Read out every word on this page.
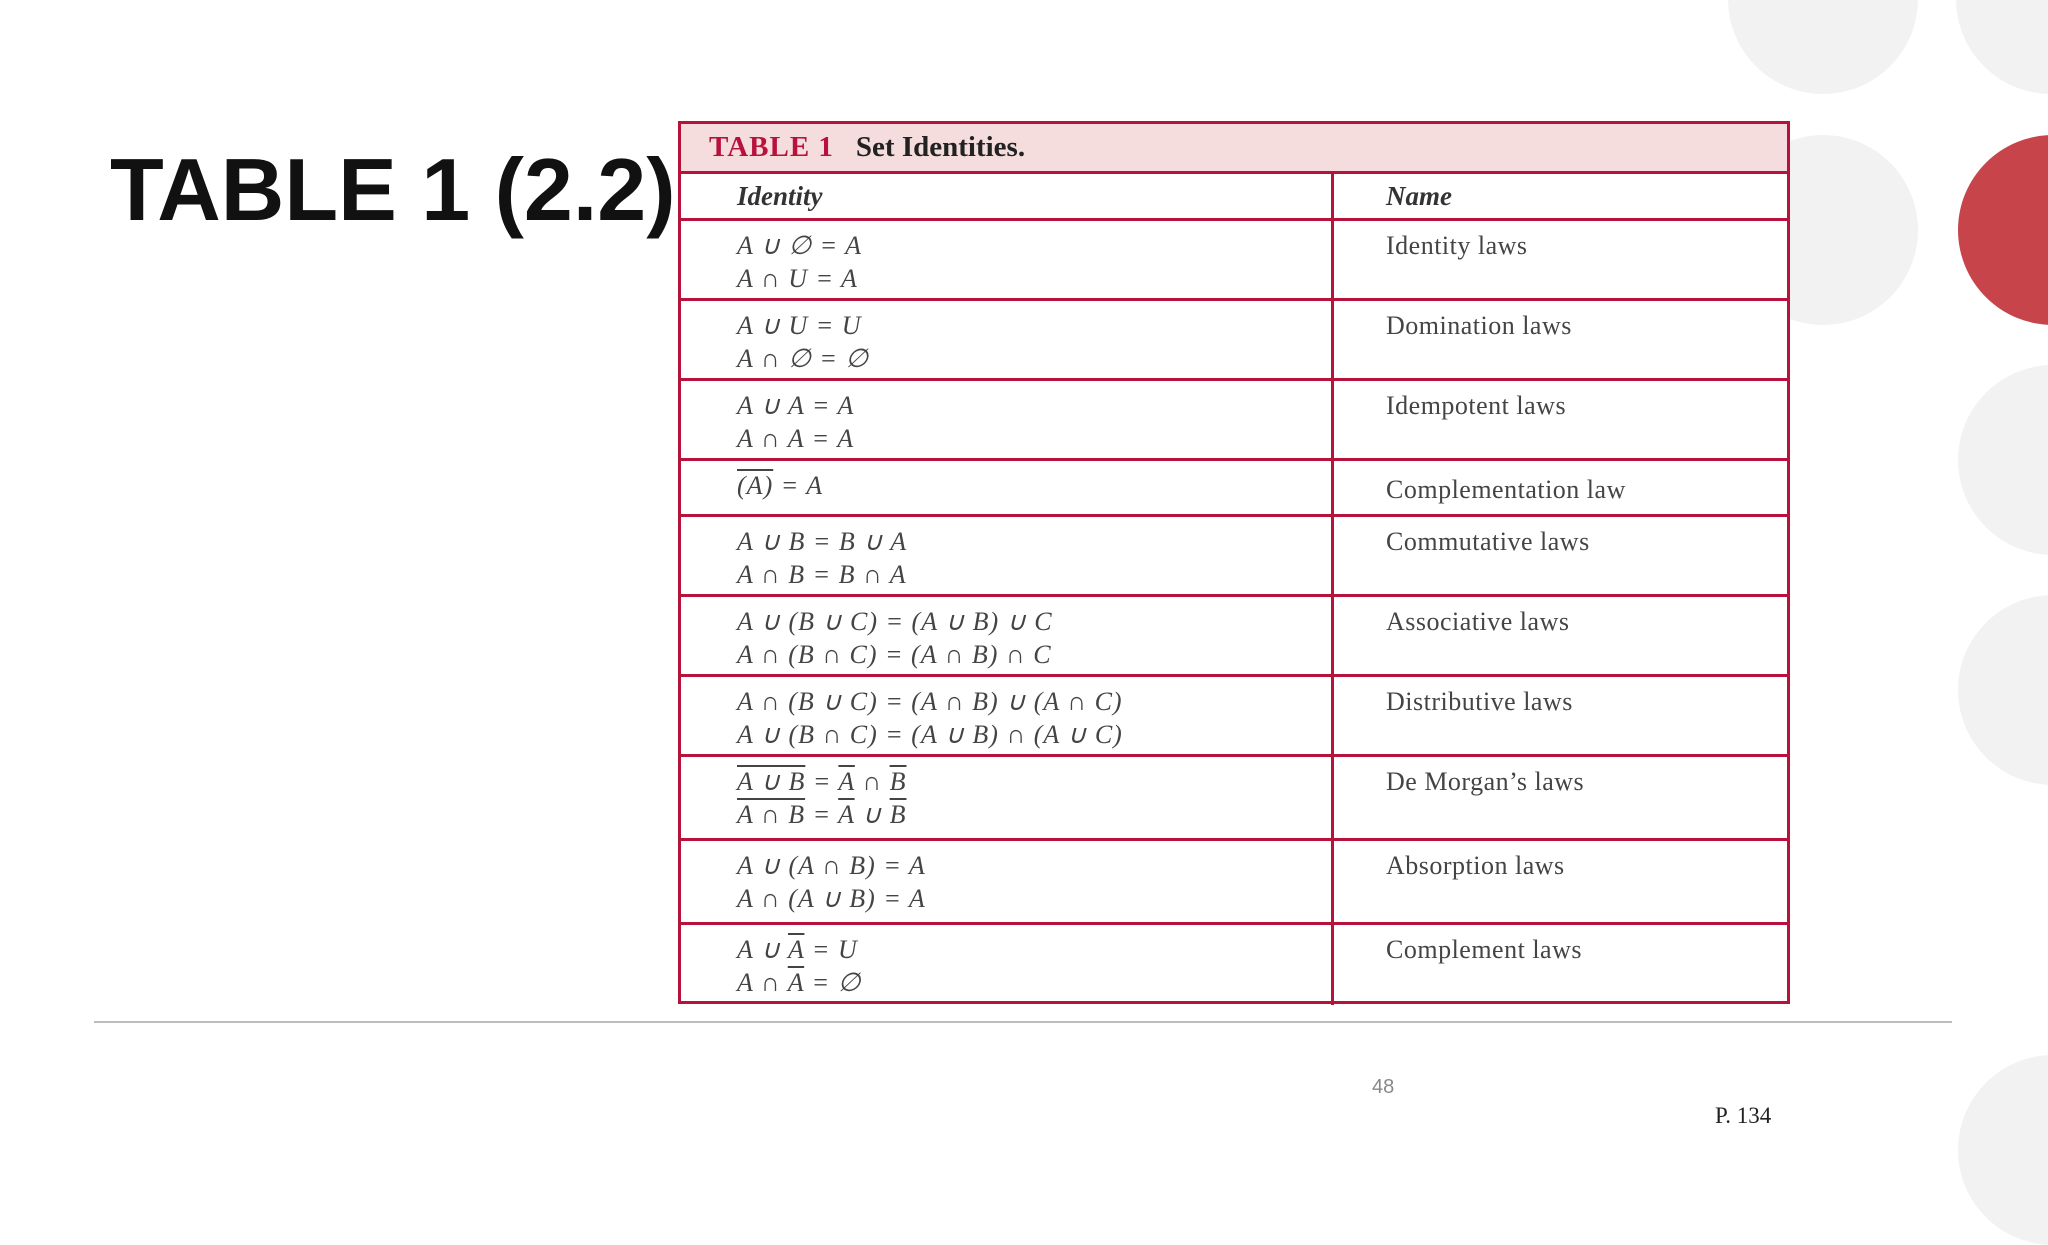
TABLE 1 (2.2) TABLE 1 Set Identities.
Identity	Name
A ∪ ∅ = A
A ∩ U = A
Identity laws
A ∪ U = U
A ∩ ∅ = ∅
Domination laws
A ∪ A = A
A ∩ A = A
Idempotent laws
(A) = A	Complementation law
A ∪ B = B ∪ A
A ∩ B = B ∩ A
Commutative laws
A ∪ (B ∪ C) = (A ∪ B) ∪ C
A ∩ (B ∩ C) = (A ∩ B) ∩ C
Associative laws
A ∩ (B ∪ C) = (A ∩ B) ∪ (A ∩ C)
A ∪ (B ∩ C) = (A ∪ B) ∩ (A ∪ C)
Distributive laws
A ∪ $B = \overline{A}$ ∩ $\overline{B}$
A ∩ $B = \overline{A}$ ∪ $\overline{B}$
De Morgan’s laws
A ∪ (A ∩ B) = A
A ∩ (A ∪ B) = A
Absorption laws
A ∪ $\overline{A} = U$
A ∩ $\overline{A}$ = ∅
Complement laws
48
P. 134
